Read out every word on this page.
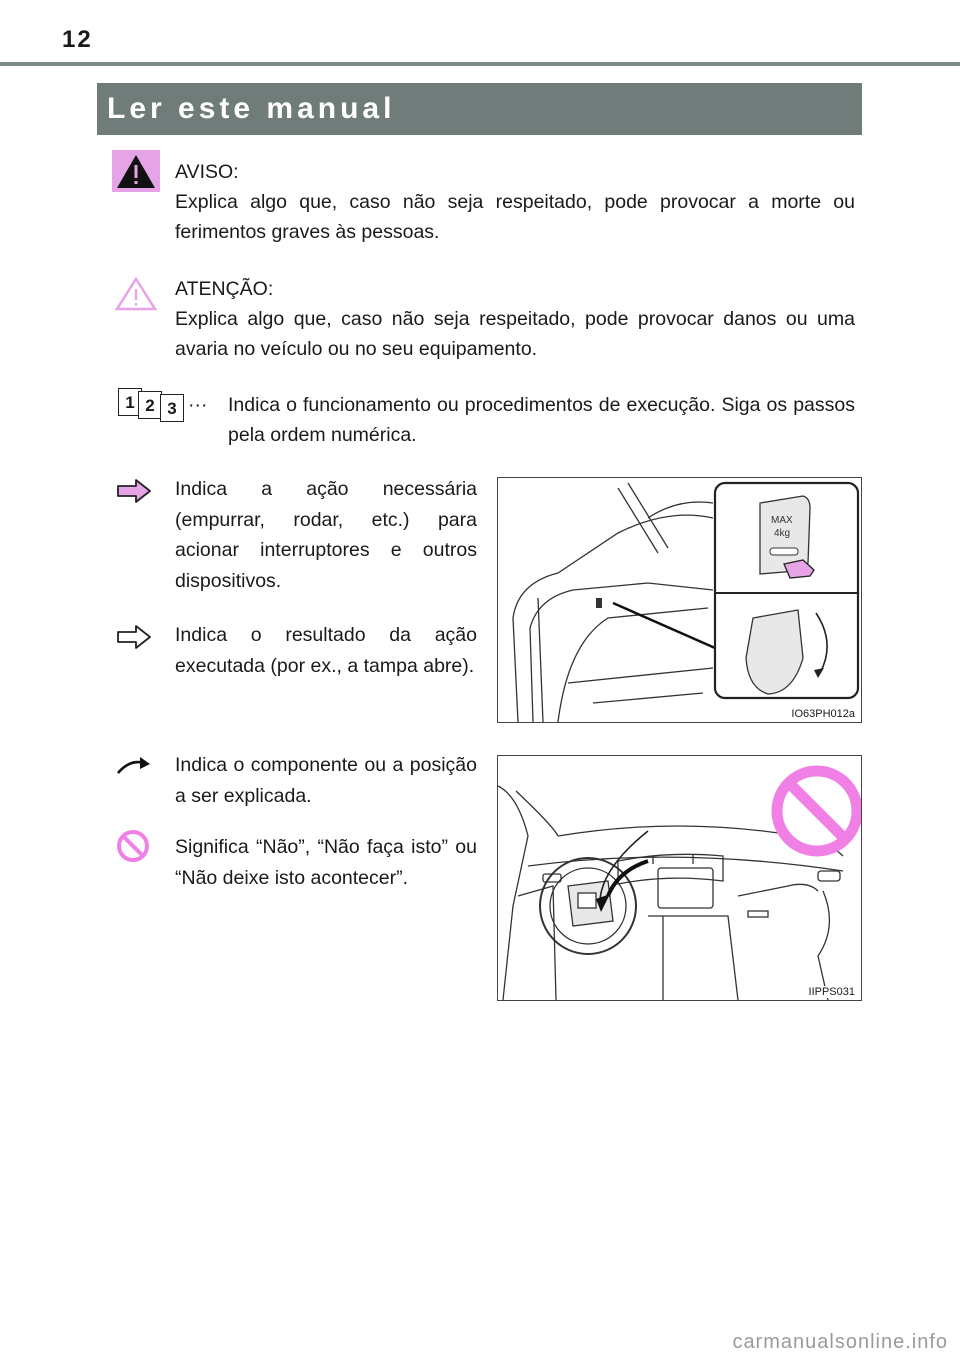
12
Ler este manual
AVISO:
Explica algo que, caso não seja respeitado, pode provocar a morte ou ferimentos graves às pessoas.
ATENÇÃO:
Explica algo que, caso não seja respeitado, pode provocar danos ou uma avaria no veículo ou no seu equipamento.
1 2 3 ··· Indica o funcionamento ou procedimentos de execução. Siga os passos pela ordem numérica.
Indica a ação necessária (empurrar, rodar, etc.) para acionar interruptores e outros dispositivos.
Indica o resultado da ação executada (por ex., a tampa abre).
MAX
4kg
IO63PH012a
Indica o componente ou a posição a ser explicada.
Significa “Não”, “Não faça isto” ou “Não deixe isto acontecer”.
IIPPS031
carmanualsonline.info
